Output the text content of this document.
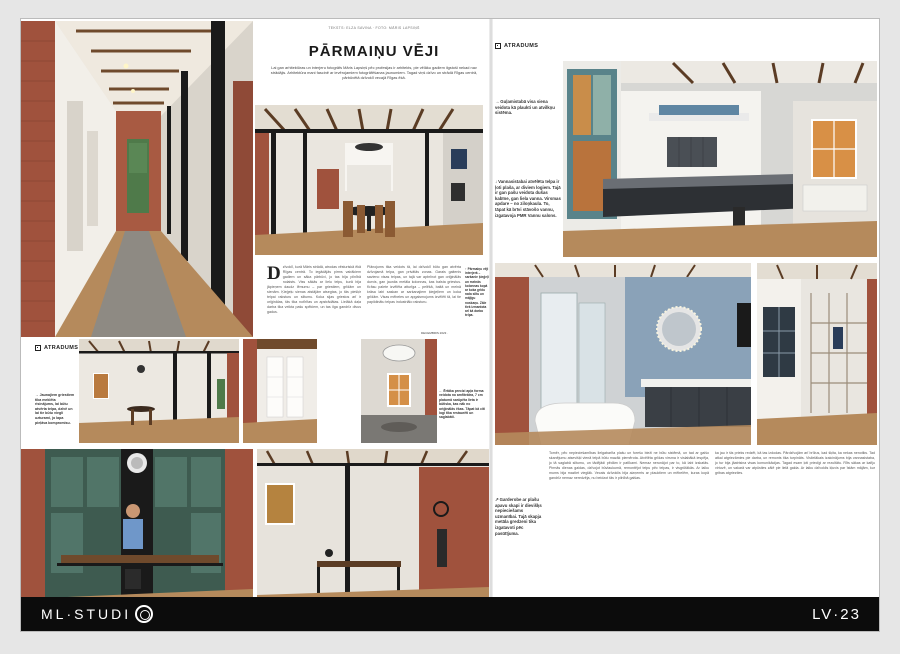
TEKSTS: ELZA SAVINA · FOTO: MĀRIS LAPSIŅŠ
PĀRMAIŅU VĒJI
Lai gan arhitektūras un interjeru fotogrāfs Māris Lapsiņš pēc profesijas ir arhitekts, pie vēlāku gadiem ilgstoši nekad nav strādājis. Arhitektūra mani fascinē ar ievērojamiem fotogrāfēšanas jaunumiem. Tagad viņš dzīvo un strādā Rīgas centrā, pārbūvētā dzīvoklī vecajā Rīgas ēkā.
Dzīvoklī, kurā Māris strādā, atrodas vēsturiskā ēkā Rīgas centrā. To iegādājās pirms vairākiem gadiem un sāka pārbūvi, jo tas bija pilnībā nolaists. Viss sākās ar lielu telpu, kurā bija jāpieņem daudz lēmumu – par griestiem, grīdām un sienām. Ķieģeļu sienas atstājām atsegtas, jo tās piešķir telpai raksturu un siltumu. Koka sijas griestos arī ir oriģinālas, tās tika notīrītas un apstrādātas. Lielākā daļa darba tika veikta pašu spēkiem, un tas ilga gandrīz divus gadus.
Plānojums tika veidots tā, lai dzīvoklī būtu gan atvērta dzīvojamā telpa, gan privātās zonas. Garais gaitenis savieno visas telpas, un tajā var apbrīnot gan oriģinālās durvis, gan jaunās metāla kolonnas, kas balsta griestus. Krāsu palete izvēlēta atturīga – pelēkā, baltā un melnā krāsa labi saskan ar sarkanajiem ķieģeļiem un koka grīdām. Visas mēbeles un apgaismojums izvēlēti tā, lai tie papildinātu telpas industriālo raksturu.
↑Pārmaiņu vēji interjerā – sarkanie ķieģeļi un melnās kolonnas kopā ar koka grīdu rada siltu un mājīgu noskaņu. Zāle tiek izmantota arī kā darba telpa.
DECEMBRIS 2023 ·
ATRADUMS
→Jaunajiem griestiem tika meklēta risinājums, lai būtu atvērta telpa, dzīvē un lai tie būtu viegli uzturami, jo lapa pieļāva kompromisu.
←Ērtāka precizi apļa forma veidota no amfiteātra, 7 cm platumā sarūpēta lieta ir būtiska, kas nāk no oriģinālās ēkas. Tāpat kā citi logi tika restaurēti un saglabāti.
ATRADUMS
→Guļamistabā visa siena veidota kā plaukti un atvilkņu sistēma.
↓Vannasistabai atvēlēta telpa ir ļoti plaša, ar diviem logiem. Tajā ir gan pašu veidota dušas kabīne, gan liela vanna. Virsmas apdare – no ziloņkaula. To, tāpat kā brīvi stāvošo vannu, izgatavoja PMR Vannu salons.
↗Garderobe ar plašu apavu skapi ir dievišķs nepieciešams uzmanībai. Tajā skapja metāla gredzeni tika izgatavoti pēc pasūtījuma.
Tomēr, pēc nepieciešamības lielgabarīta plašu un forešu bieži ne būtu sistēmā, un tad ar gaišo skanējumu atsevišķi vienā telpā būtu mazāk piemērota. Atvēlēta grīdas virsma ir vislabākā iespēja, jo tā saglabā siltumu, un tādējādi pēdām ir patīkami. Nemaz nerunājot par to, kā labi izskatās. Pirmās dienas gaidas, dzīvojot būvlaukumā, remontējot telpu pēc telpas, ir visgrūtākās. Ar laiku mums bija mazliet vieglāk. Vecais dzīvoklis bija aizņemts ar plauktiem un mēbelēm, kuras kopā gandrīz nemaz neredzēja, nu beidzot tās ir pilnībā gaišas.
ka jau ir šis prieks redzēt, kā tas izdodas. Pārdzīvojām arī brīžus, kad šķita, ka nekas nenotiks. Tad atkal atgriezāmies pie darba, un remonts tika turpināts. Vislielākais izaicinājums bija vannasistaba, jo tur bija jāatrisina visas komunikācijas. Tagad esam ļoti priecīgi ar rezultātu. Rīts sākas ar kafiju virtuvē, un vakarā var atpūsties zālē pie lielā galda. Ar laiku dzīvoklis kļuvis par īstām mājām, kur gribas atgriezties.
ML·STUDI	LV·23
